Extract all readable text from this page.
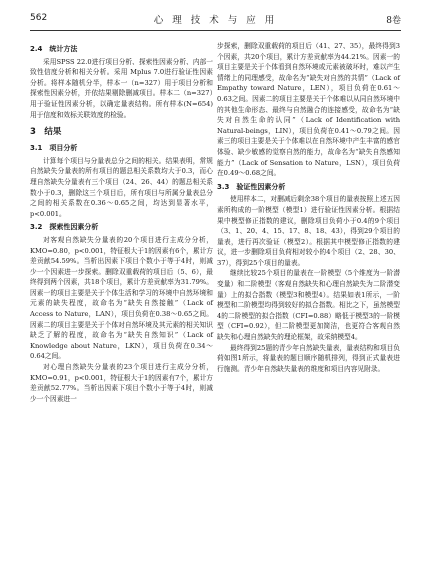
562	心 理 技 术 与 应 用	8卷
2.4　统计方法

采用SPSS 22.0进行项目分析、探索性因素分析、内部一致性信度分析和相关分析。采用 Mplus 7.0进行验证性因素分析。将样本随机分半，样本一（n=327）用于项目分析和探索性因素分析，并依结果剔除删减项目。样本二（n=327）用于验证性因素分析，以确定量表结构。所有样本(N=654)用于信度和效标关联效度的检验。

3　结果
3.1　项目分析

计算每个项目与分量表总分之间的相关。结果表明，常规自然缺失分量表的所有项目的题总相关系数均大于0.3，而心理自然缺失分量表有三个项目（24、26、44）的题总相关系数小于0.3，删除这三个项目后，所有项目与所属分量表总分之间的相关系数在0.36～0.65之间，均达到显著水平，p<0.001。

3.2　探索性因素分析

对客观自然缺失分量表的20个项目进行主成分分析，KMO=0.80，p<0.001，特征根大于1的因素有6个，累计方差贡献54.59%。当析出因素下项目个数小于等于4时，则减少一个因素进一步探索。删除双重载荷的项目后（5、6），最终得到两个因素，共18个项目，累计方差贡献率为31.79%。因素一的项目主要是关于个体生活和学习的环境中自然环境和元素的缺失程度，故命名为“缺失自然接触”（Lack of Access to Nature，LAN），项目负荷在0.38～0.65之间。因素二的项目主要是关于个体对自然环境及其元素的相关知识缺乏了解的程度，故命名为“缺失自然知识”（Lack of Knowledge about Nature，LKN），项目负荷在0.34～0.64之间。

对心理自然缺失分量表的23个项目进行主成分分析，KMO=0.91，p<0.001，特征根大于1的因素有7个，累计方差贡献52.77%。当析出因素下项目个数小于等于4时，则减少一个因素进一

步探索，删除双重载荷的项目后（41、27、35），最终得到3个因素，共20个项目，累计方差贡献率为44.21%。因素一的项目主要是关于个体看到自然环境或元素被破坏时，难以产生情绪上的同理感受，故命名为“缺失对自然的共情”（Lack of Empathy toward Nature，LEN），项目负荷在0.61～0.63之间。因素二的项目主要是关于个体难以从同自然环境中的其他生命形态、最终与自然融合的连接感受，故命名为“缺失对自然生命的认同”（Lack of Identification with Natural-beings，LIN），项目负荷在0.41～0.79之间。因素三的项目主要是关于个体难以在自然环境中产生丰富的感官体验、缺少敏感的觉察自然的能力，故命名为“缺失自然感知能力”（Lack of Sensation to Nature，LSN），项目负荷在0.49～0.68之间。

3.3　验证性因素分析

使用样本二，对删减后剩余38个项目的量表按照上述五因素所构成的一阶模型（模型1）进行验证性因素分析。根据结果中模型修正指数的建议，删除项目负荷小于0.4的9个项目（3、1、20、4、15、17、8、18、43），得到29个项目的量表，进行再次验证（模型2）。根据其中模型修正指数的建议，进一步删除项目负荷相对较小的4个项目（2、28、30、37），得到25个项目的量表。

继续比较25个项目的量表在一阶模型（5个维度为一阶潜变量）和二阶模型（客观自然缺失和心理自然缺失为二阶潜变量）上的拟合指数（模型3和模型4）。结果如表1所示，一阶模型和二阶模型均得到较好的拟合指数。相比之下，虽然模型4的二阶模型的拟合指数（CFI=0.88）略低于模型3的一阶模型（CFI=0.92），但二阶模型更加简洁，也更符合客观自然缺失和心理自然缺失的理论框架，故采纳模型4。

最终得到25题的青少年自然缺失量表，量表结构和项目负荷如图1所示，将量表的题目顺序随机排列，得到正式量表进行施测。青少年自然缺失量表的维度和项目内容见附录。
